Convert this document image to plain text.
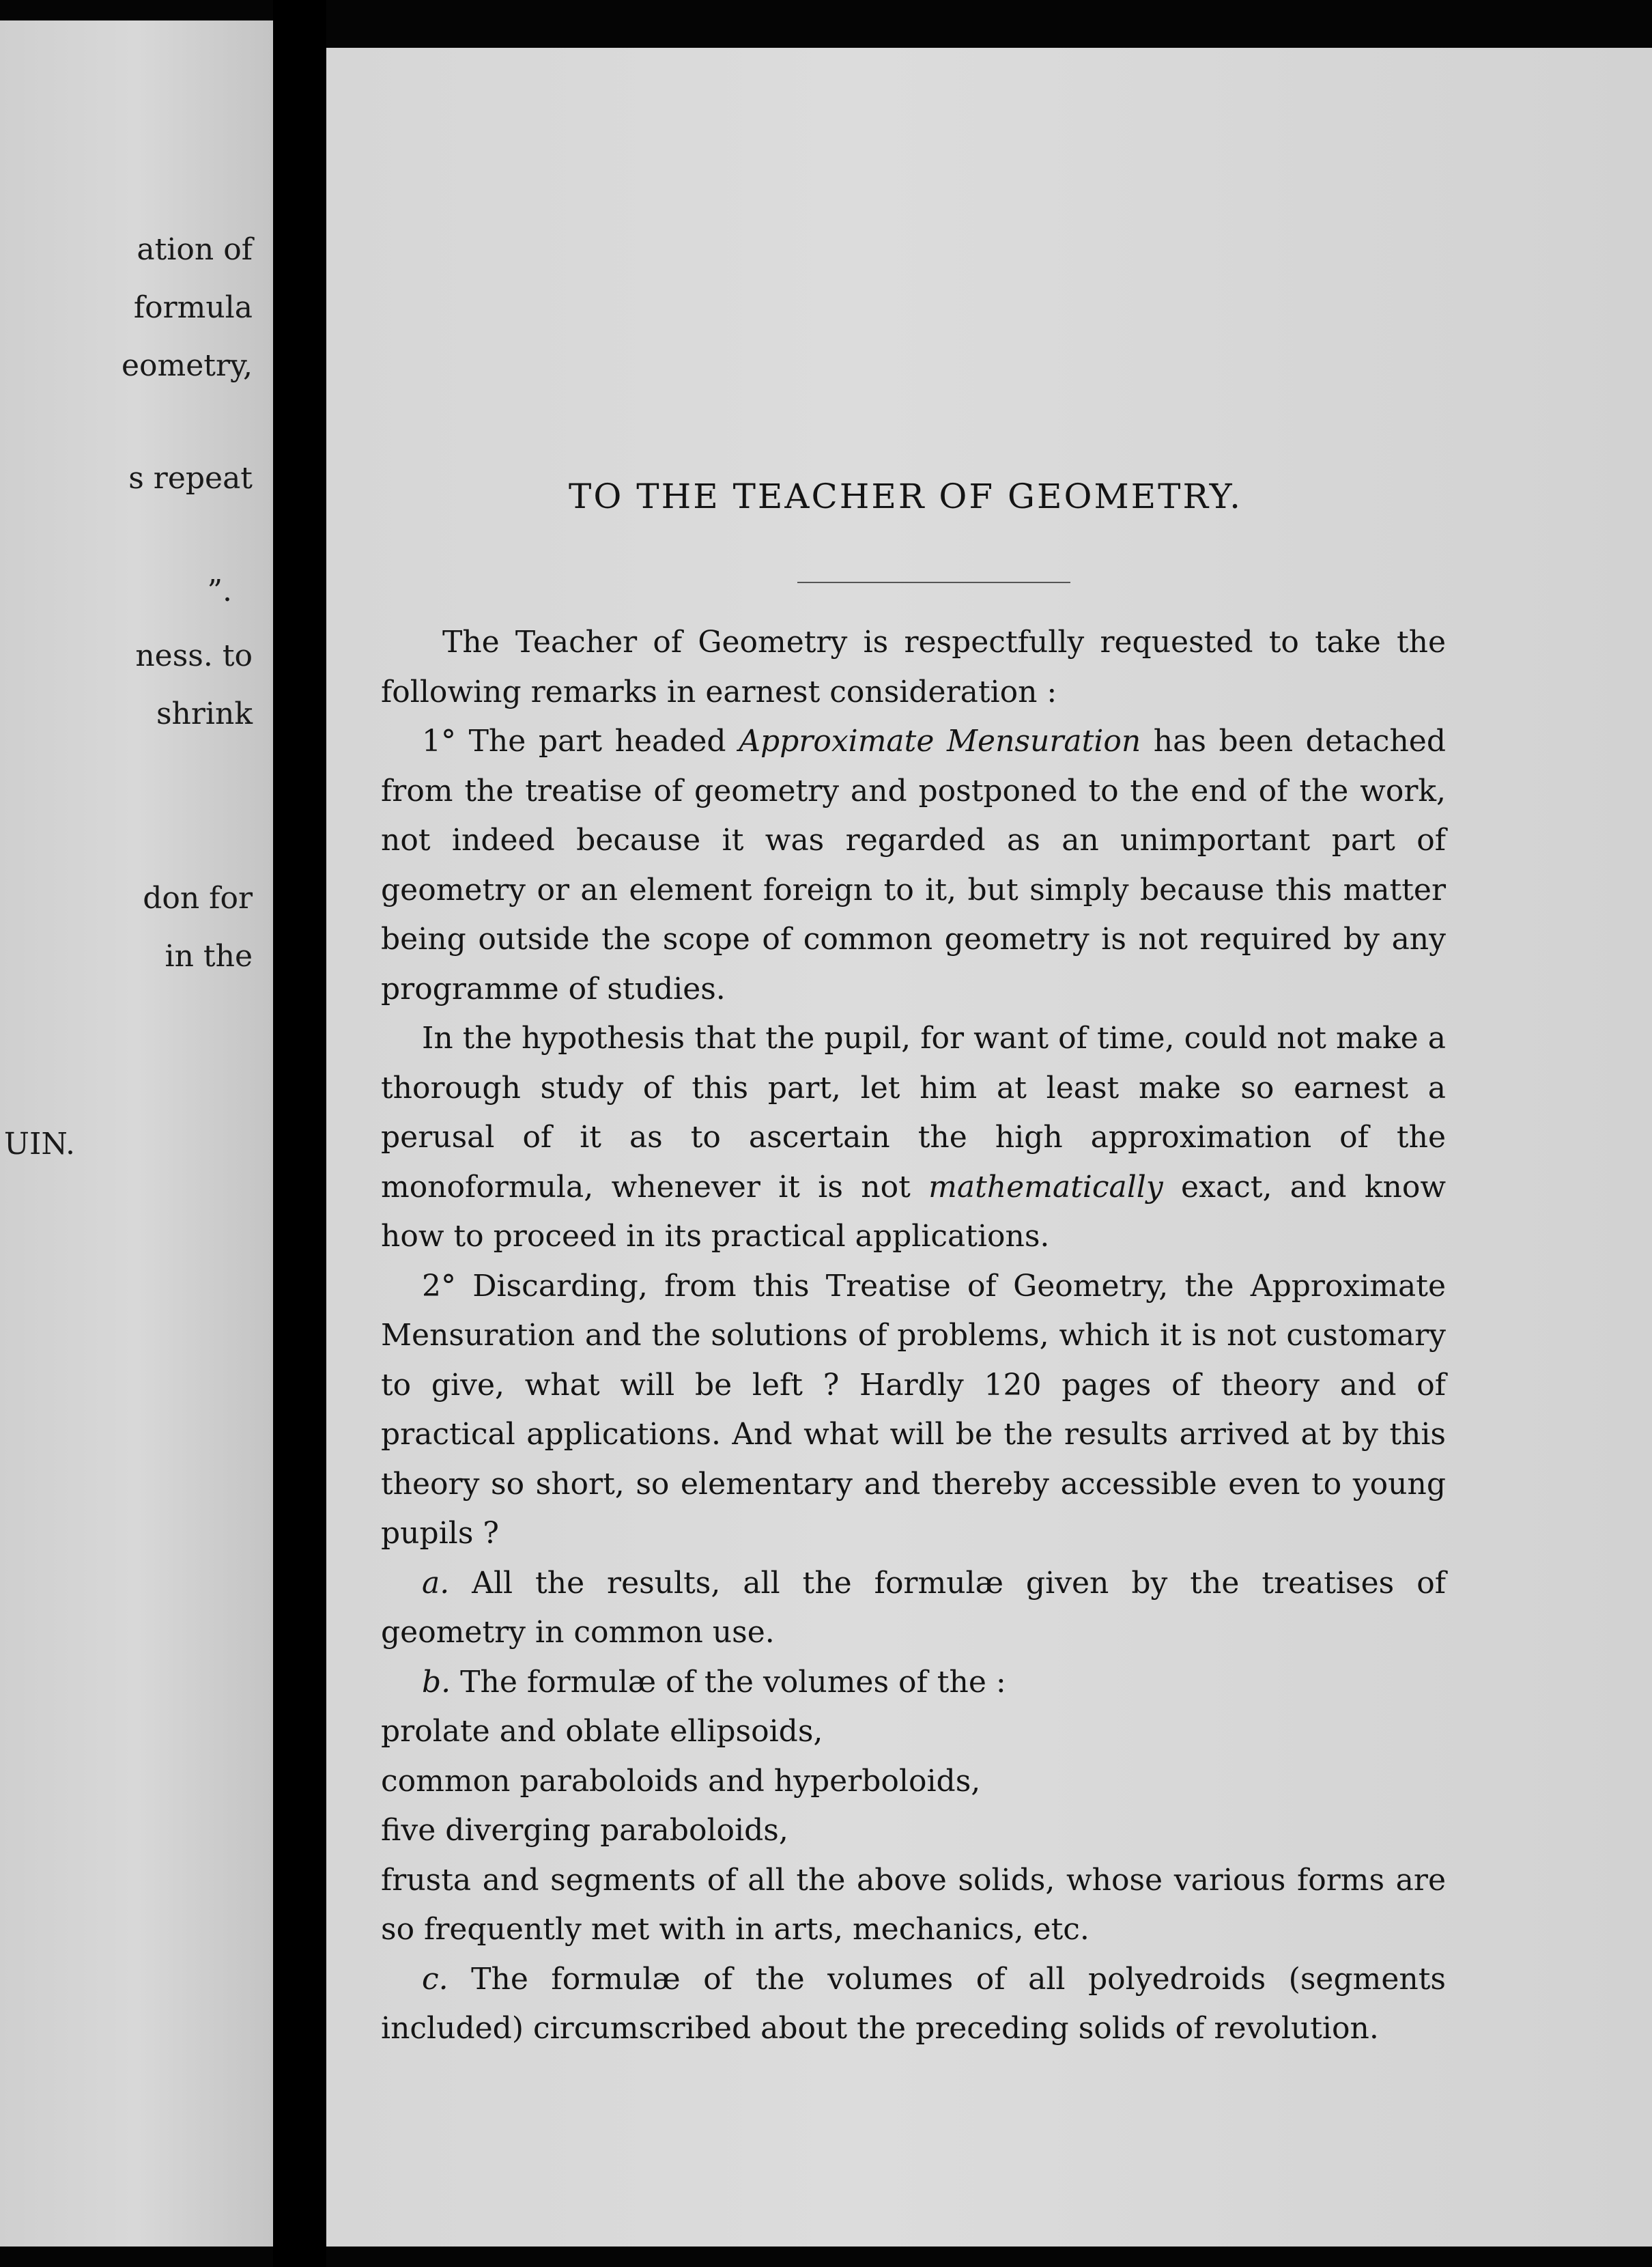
ation of
formula
eometry,
s repeat
”.
ness. to
shrink
don for
in the
UIN.
TO THE TEACHER OF GEOMETRY.

The Teacher of Geometry is respectfully requested to take the following remarks in earnest consideration :

1° The part headed Approximate Mensuration has been detached from the treatise of geometry and postponed to the end of the work, not indeed because it was regarded as an unimportant part of geometry or an element foreign to it, but simply because this matter being outside the scope of common geometry is not required by any programme of studies.

In the hypothesis that the pupil, for want of time, could not make a thorough study of this part, let him at least make so earnest a perusal of it as to ascertain the high approximation of the monoformula, whenever it is not mathematically exact, and know how to proceed in its practical applications.

2° Discarding, from this Treatise of Geometry, the Approximate Mensuration and the solutions of problems, which it is not customary to give, what will be left ? Hardly 120 pages of theory and of practical applications. And what will be the results arrived at by this theory so short, so elementary and thereby accessible even to young pupils ?

a. All the results, all the formulæ given by the treatises of geometry in common use.

b. The formulæ of the volumes of the :

prolate and oblate ellipsoids,

common paraboloids and hyperboloids,

five diverging paraboloids,

frusta and segments of all the above solids, whose various forms are so frequently met with in arts, mechanics, etc.

c. The formulæ of the volumes of all polyedroids (segments included) circumscribed about the preceding solids of revolution.
